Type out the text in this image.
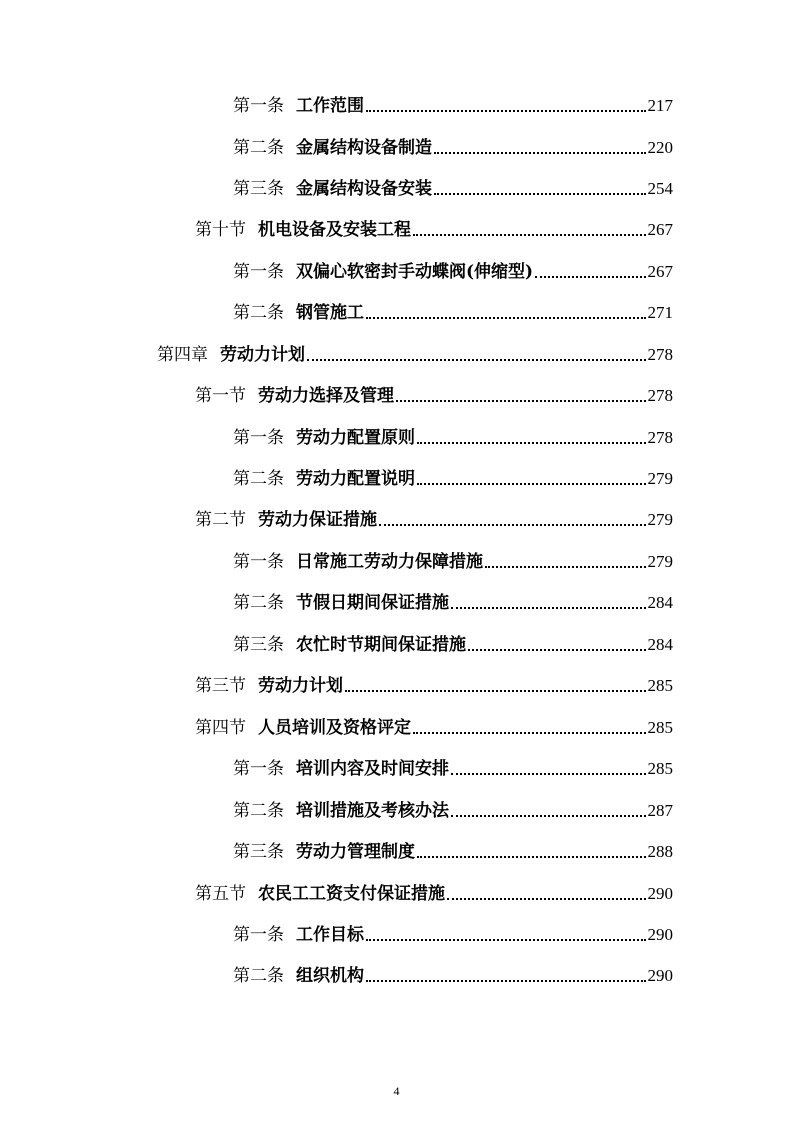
第一条 工作范围	217
第二条 金属结构设备制造	220
第三条 金属结构设备安装	254
第十节 机电设备及安装工程	267
第一条 双偏心软密封手动蝶阀(伸缩型)	267
第二条 钢管施工	271
第四章 劳动力计划	278
第一节 劳动力选择及管理	278
第一条 劳动力配置原则	278
第二条 劳动力配置说明	279
第二节 劳动力保证措施	279
第一条 日常施工劳动力保障措施	279
第二条 节假日期间保证措施	284
第三条 农忙时节期间保证措施	284
第三节 劳动力计划	285
第四节 人员培训及资格评定	285
第一条 培训内容及时间安排	285
第二条 培训措施及考核办法	287
第三条 劳动力管理制度	288
第五节 农民工工资支付保证措施	290
第一条 工作目标	290
第二条 组织机构	290
4
